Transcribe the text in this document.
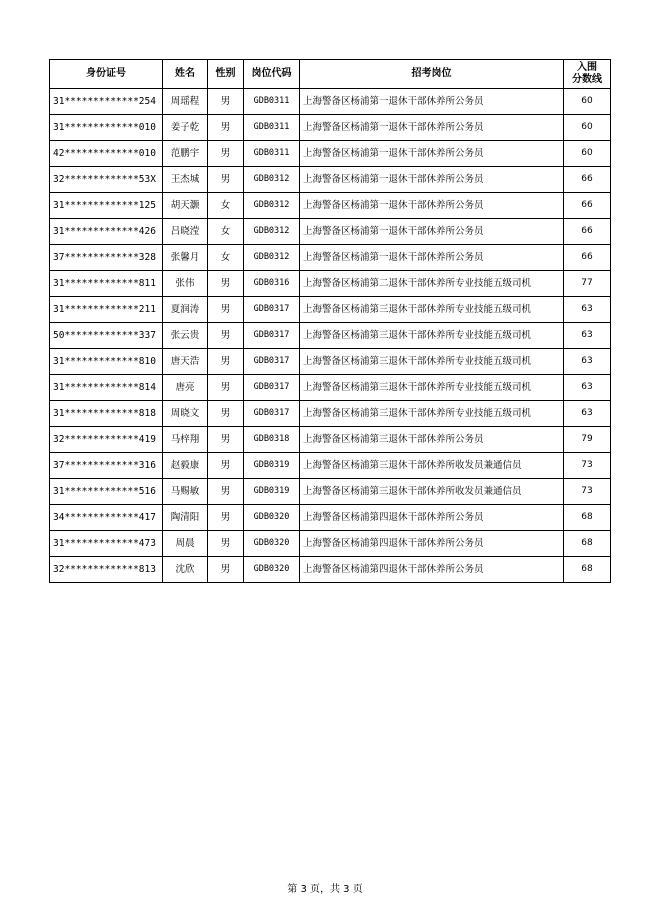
身份证号	姓名	性别	岗位代码	招考岗位	入围
分数线

31*************254	周瑶程	男	GDB0311	上海警备区杨浦第一退休干部休养所公务员	60
31*************010	姜子乾	男	GDB0311	上海警备区杨浦第一退休干部休养所公务员	60
42*************010	范鹏宇	男	GDB0311	上海警备区杨浦第一退休干部休养所公务员	60
32*************53X	王杰城	男	GDB0312	上海警备区杨浦第一退休干部休养所公务员	66
31*************125	胡天灏	女	GDB0312	上海警备区杨浦第一退休干部休养所公务员	66
31*************426	吕晓滢	女	GDB0312	上海警备区杨浦第一退休干部休养所公务员	66
37*************328	张馨月	女	GDB0312	上海警备区杨浦第一退休干部休养所公务员	66
31*************811	张伟	男	GDB0316	上海警备区杨浦第二退休干部休养所专业技能五级司机	77
31*************211	夏润涛	男	GDB0317	上海警备区杨浦第三退休干部休养所专业技能五级司机	63
50*************337	张云贵	男	GDB0317	上海警备区杨浦第三退休干部休养所专业技能五级司机	63
31*************810	唐天浩	男	GDB0317	上海警备区杨浦第三退休干部休养所专业技能五级司机	63
31*************814	唐亮	男	GDB0317	上海警备区杨浦第三退休干部休养所专业技能五级司机	63
31*************818	周晓文	男	GDB0317	上海警备区杨浦第三退休干部休养所专业技能五级司机	63
32*************419	马梓翔	男	GDB0318	上海警备区杨浦第三退休干部休养所公务员	79
37*************316	赵毅康	男	GDB0319	上海警备区杨浦第三退休干部休养所收发员兼通信员	73
31*************516	马赐敏	男	GDB0319	上海警备区杨浦第三退休干部休养所收发员兼通信员	73
34*************417	陶清阳	男	GDB0320	上海警备区杨浦第四退休干部休养所公务员	68
31*************473	周晨	男	GDB0320	上海警备区杨浦第四退休干部休养所公务员	68
32*************813	沈欣	男	GDB0320	上海警备区杨浦第四退休干部休养所公务员	68
第 3 页，共 3 页
